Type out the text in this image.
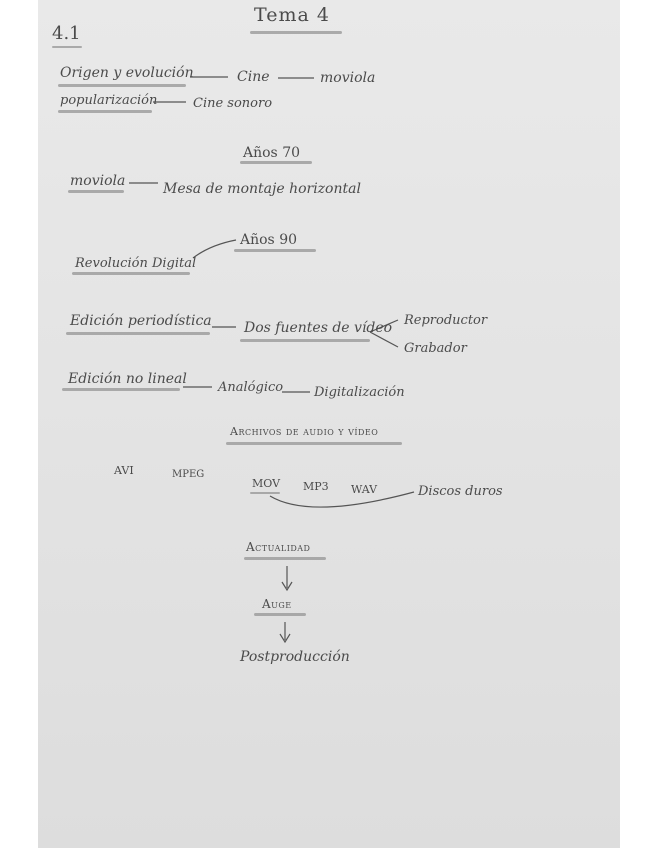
Tema 4
4.1
Origen y evolución	Cine	moviola
popularización	Cine sonoro
Años 70
moviola	Mesa de montaje horizontal
Años 90
Revolución Digital
Edición periodística Dos fuentes de vídeo Reproductor
Grabador
Edición no lineal
Analógico Digitalización
Archivos de audio y vídeo
AVI	MPEG
MOV MP3 WAV	Discos duros
Actualidad
Auge
Postproducción
